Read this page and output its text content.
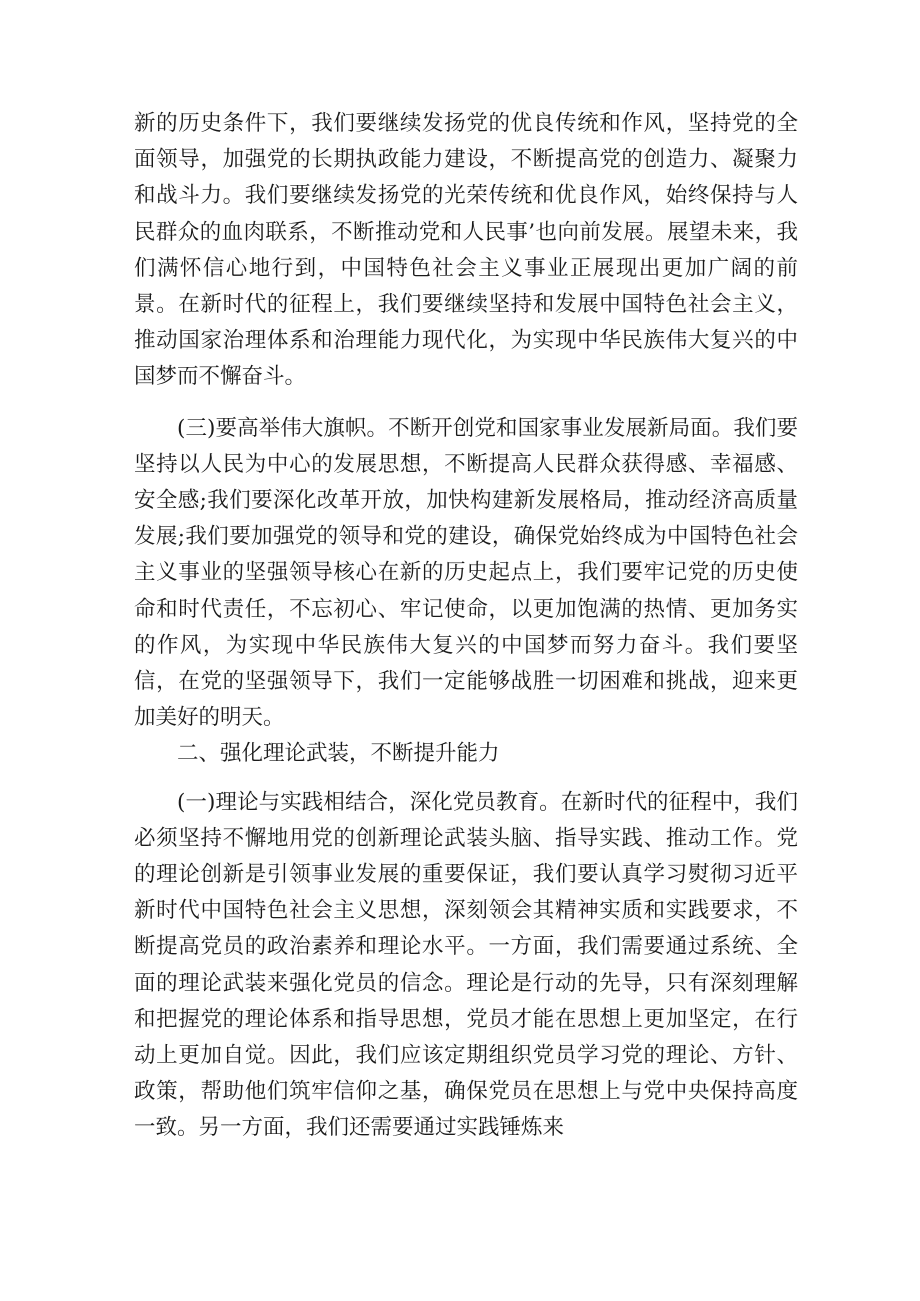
新的历史条件下，我们要继续发扬党的优良传统和作风，坚持党的全面领导，加强党的长期执政能力建设，不断提高党的创造力、凝聚力和战斗力。我们要继续发扬党的光荣传统和优良作风，始终保持与人民群众的血肉联系，不断推动党和人民事’也向前发展。展望未来，我们满怀信心地行到，中国特色社会主义事业正展现出更加广阔的前景。在新时代的征程上，我们要继续坚持和发展中国特色社会主义，推动国家治理体系和治理能力现代化，为实现中华民族伟大复兴的中国梦而不懈奋斗。

(三)要高举伟大旗帜。不断开创党和国家事业发展新局面。我们要坚持以人民为中心的发展思想，不断提高人民群众获得感、幸福感、安全感;我们要深化改革开放，加快构建新发展格局，推动经济高质量发展;我们要加强党的领导和党的建设，确保党始终成为中国特色社会主义事业的坚强领导核心在新的历史起点上，我们要牢记党的历史使命和时代责任，不忘初心、牢记使命，以更加饱满的热情、更加务实的作风，为实现中华民族伟大复兴的中国梦而努力奋斗。我们要坚信，在党的坚强领导下，我们一定能够战胜一切困难和挑战，迎来更加美好的明天。

二、强化理论武装，不断提升能力

(一)理论与实践相结合，深化党员教育。在新时代的征程中，我们必须坚持不懈地用党的创新理论武装头脑、指导实践、推动工作。党的理论创新是引领事业发展的重要保证，我们要认真学习熨彻习近平新时代中国特色社会主义思想，深刻领会其精神实质和实践要求，不断提高党员的政治素养和理论水平。一方面，我们需要通过系统、全面的理论武装来强化党员的信念。理论是行动的先导，只有深刻理解和把握党的理论体系和指导思想，党员才能在思想上更加坚定，在行动上更加自觉。因此，我们应该定期组织党员学习党的理论、方针、政策，帮助他们筑牢信仰之基，确保党员在思想上与党中央保持高度一致。另一方面，我们还需要通过实践锤炼来
